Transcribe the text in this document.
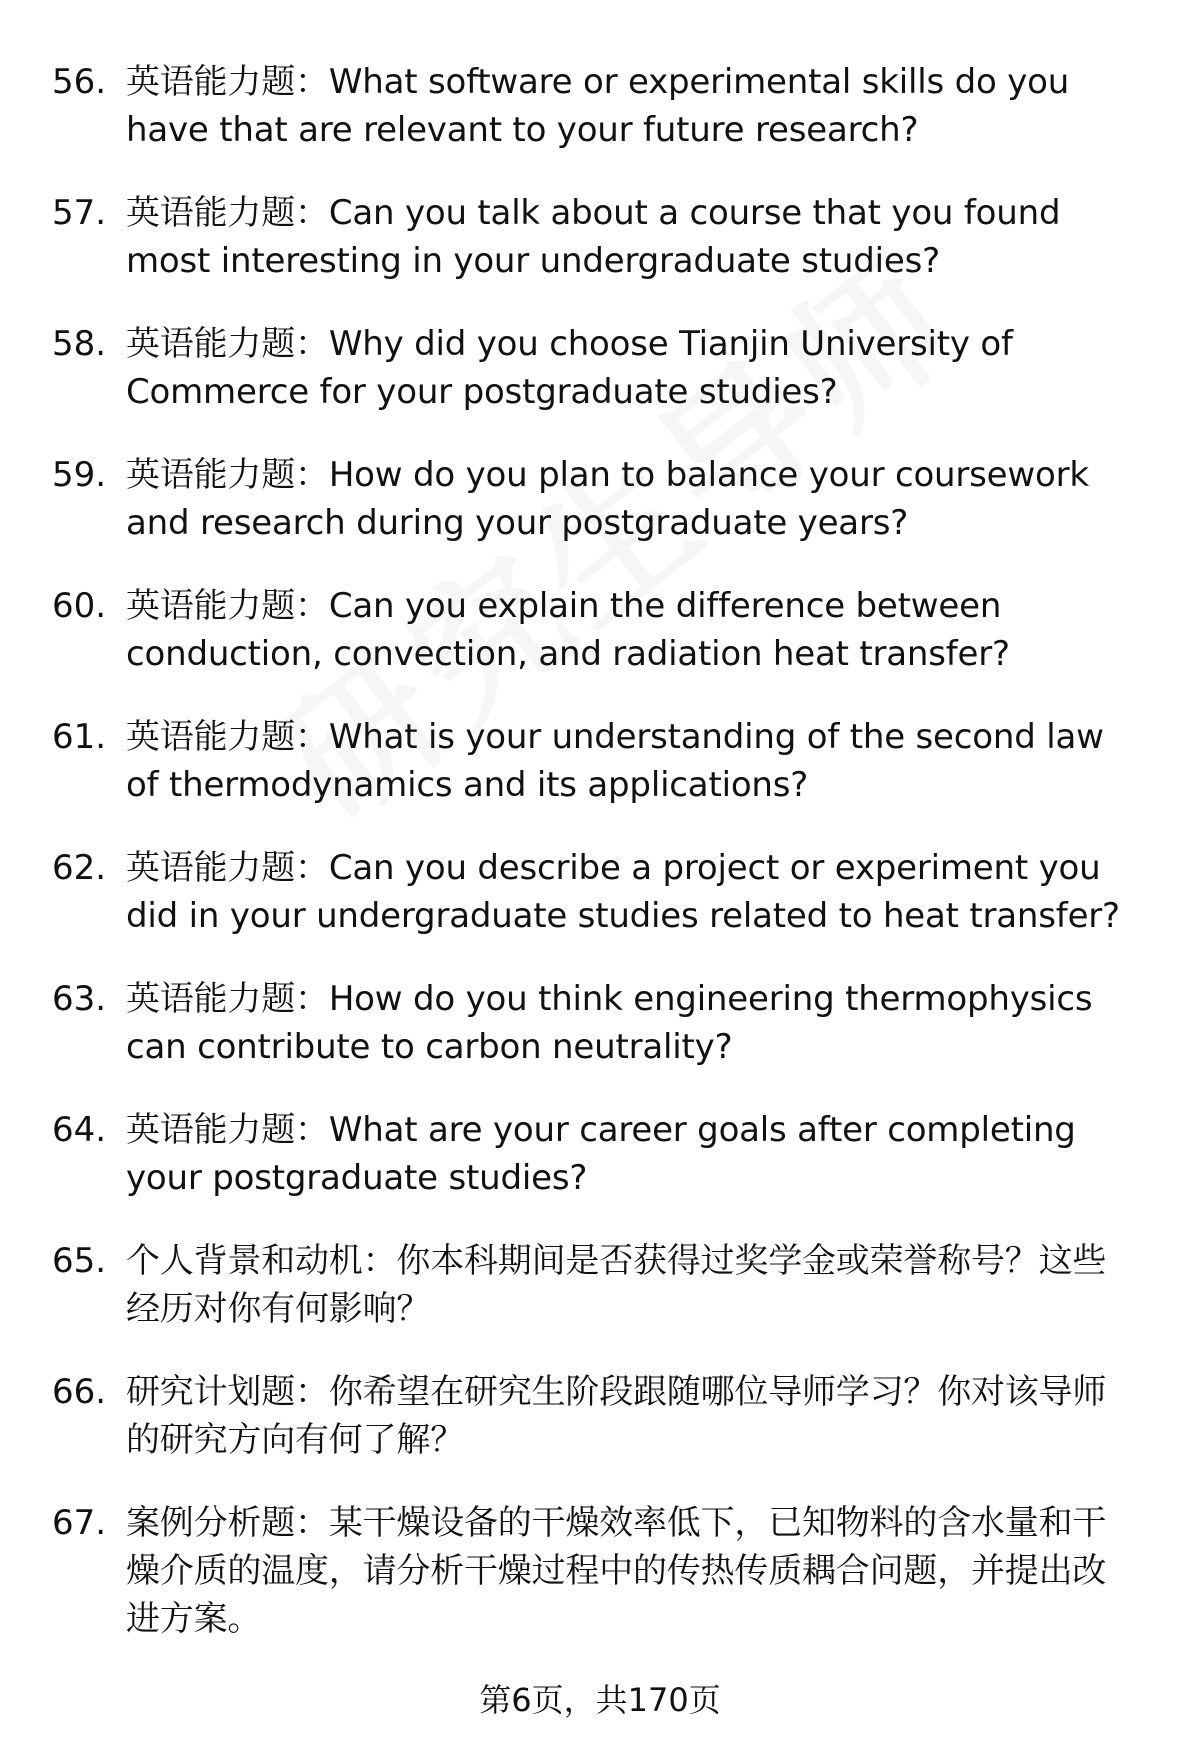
56. 英语能力题：What software or experimental skills do you have that are relevant to your future research?
57. 英语能力题：Can you talk about a course that you found most interesting in your undergraduate studies?
58. 英语能力题：Why did you choose Tianjin University of Commerce for your postgraduate studies?
59. 英语能力题：How do you plan to balance your coursework and research during your postgraduate years?
60. 英语能力题：Can you explain the difference between conduction, convection, and radiation heat transfer?
61. 英语能力题：What is your understanding of the second law of thermodynamics and its applications?
62. 英语能力题：Can you describe a project or experiment you did in your undergraduate studies related to heat transfer?
63. 英语能力题：How do you think engineering thermophysics can contribute to carbon neutrality?
64. 英语能力题：What are your career goals after completing your postgraduate studies?
65. 个人背景和动机：你本科期间是否获得过奖学金或荣誉称号？这些经历对你有何影响？
66. 研究计划题：你希望在研究生阶段跟随哪位导师学习？你对该导师的研究方向有何了解？
67. 案例分析题：某干燥设备的干燥效率低下，已知物料的含水量和干燥介质的温度，请分析干燥过程中的传热传质耦合问题，并提出改进方案。
第6页，共170页
